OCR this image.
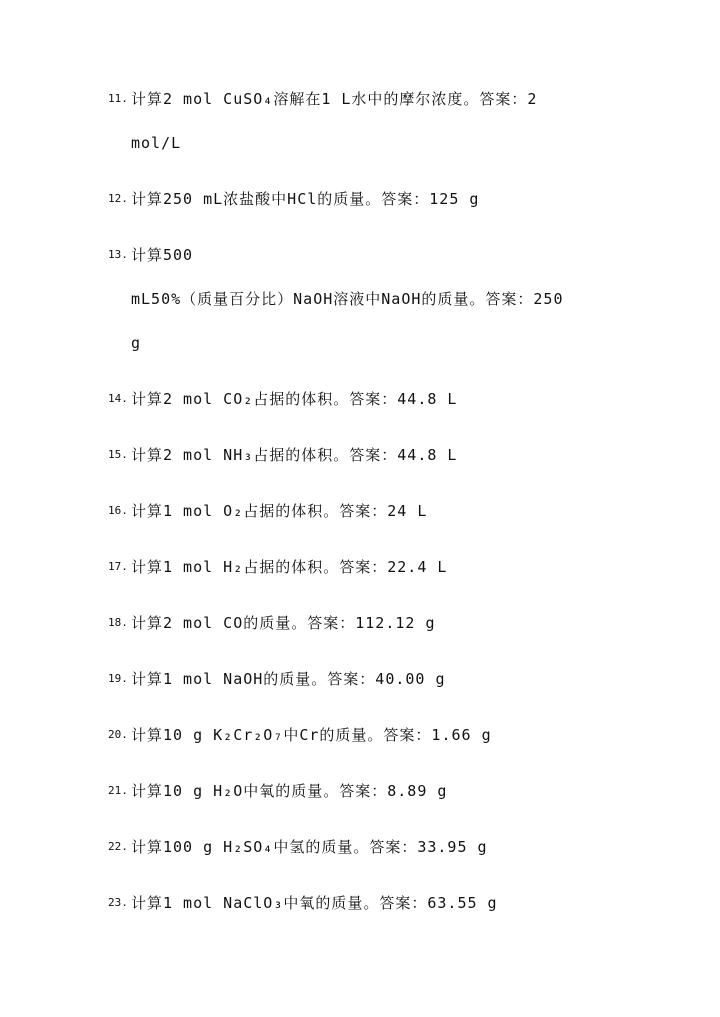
11. 计算2 mol CuSO₄溶解在1 L水中的摩尔浓度。答案：2
mol/L
12. 计算250 mL浓盐酸中HCl的质量。答案：125 g
13. 计算500
mL50%（质量百分比）NaOH溶液中NaOH的质量。答案：250
g
14. 计算2 mol CO₂占据的体积。答案：44.8 L
15. 计算2 mol NH₃占据的体积。答案：44.8 L
16. 计算1 mol O₂占据的体积。答案：24 L
17. 计算1 mol H₂占据的体积。答案：22.4 L
18. 计算2 mol CO的质量。答案：112.12 g
19. 计算1 mol NaOH的质量。答案：40.00 g
20. 计算10 g K₂Cr₂O₇中Cr的质量。答案：1.66 g
21. 计算10 g H₂O中氧的质量。答案：8.89 g
22. 计算100 g H₂SO₄中氢的质量。答案：33.95 g
23. 计算1 mol NaClO₃中氧的质量。答案：63.55 g
